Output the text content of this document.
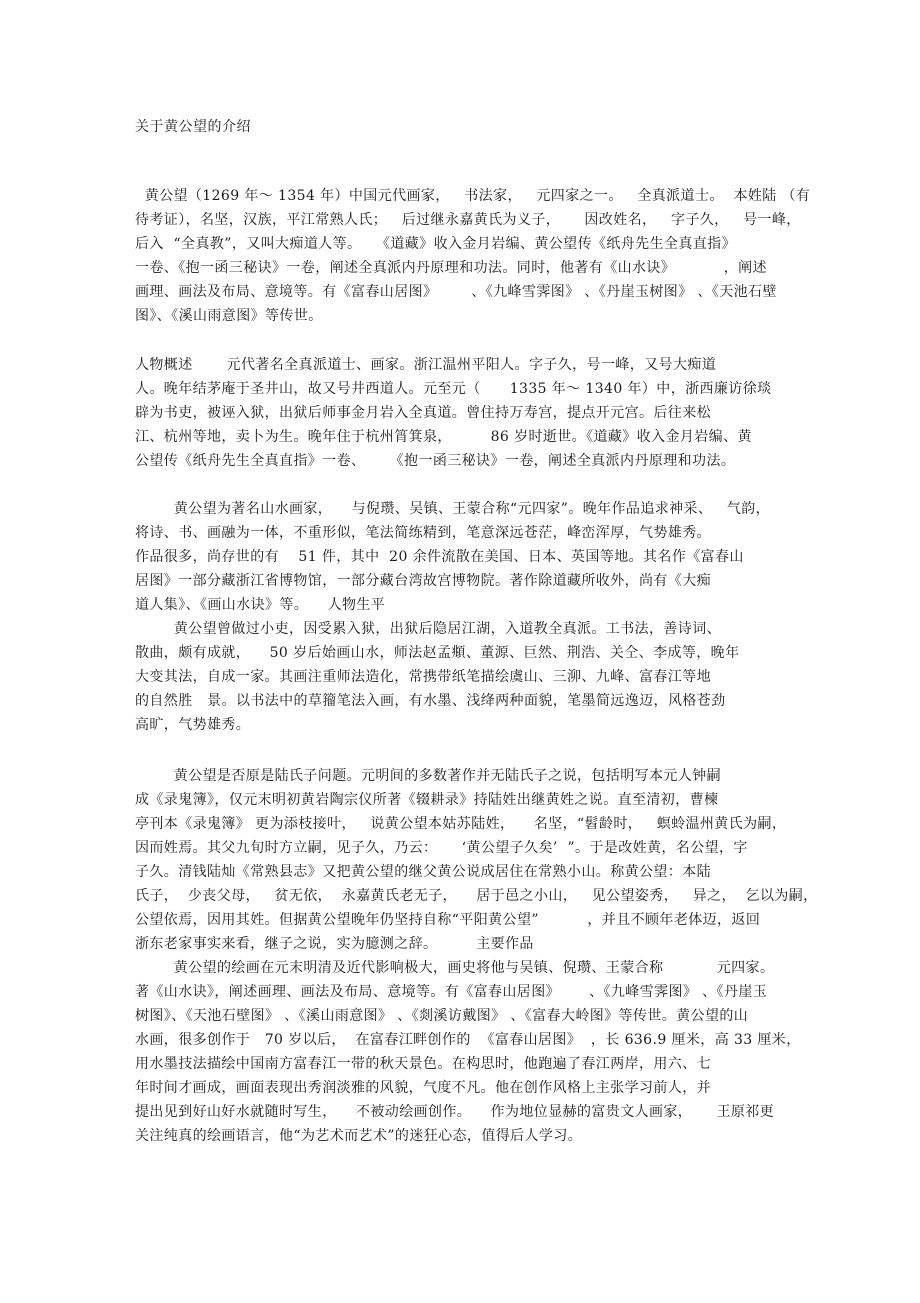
关于黄公望的介绍
黄公望（1269 年～ 1354 年）中国元代画家，   书法家，   元四家之一。   全真派道士。  本姓陆 （有
待考证），名坚，汉族，平江常熟人氏；   后过继永嘉黄氏为义子，     因改姓名，   字子久，   号一峰，
后入  “全真教”，又叫大痴道人等。   《道藏》收入金月岩编、黄公望传《纸舟先生全真直指》
一卷、《抱一函三秘诀》一卷，阐述全真派内丹原理和功法。同时，他著有《山水诀》          ，阐述
画理、画法及布局、意境等。有《富春山居图》       、《九峰雪霁图》 、《丹崖玉树图》 、《天池石壁
图》、《溪山雨意图》等传世。
人物概述       元代著名全真派道士、画家。浙江温州平阳人。字子久，号一峰，又号大痴道
人。晚年结茅庵于圣井山，故又号井西道人。元至元（      1335 年～ 1340 年）中，浙西廉访徐琰
辟为书吏，被诬入狱，出狱后师事金月岩入全真道。曾住持万寿宫，提点开元宫。后往来松
江、杭州等地，卖卜为生。晚年住于杭州筲箕泉，        86 岁时逝世。《道藏》收入金月岩编、黄
公望传《纸舟先生全真直指》一卷、     《抱一函三秘诀》一卷，阐述全真派内丹原理和功法。
黄公望为著名山水画家，    与倪瓒、吴镇、王蒙合称“元四家”。晚年作品追求神采、   气韵，
将诗、书、画融为一体，不重形似，笔法简练精到，笔意深远苍茫，峰峦浑厚，气势雄秀。
作品很多，尚存世的有    51 件，其中  20 余件流散在美国、日本、英国等地。其名作《富春山
居图》一部分藏浙江省博物馆，一部分藏台湾故宫博物院。著作除道藏所收外，尚有《大痴
道人集》、《画山水诀》等。    人物生平
黄公望曾做过小吏，因受累入狱，出狱后隐居江湖，入道教全真派。工书法，善诗词、
散曲，颇有成就，    50 岁后始画山水，师法赵孟頫、董源、巨然、荆浩、关仝、李成等，晚年
大变其法，自成一家。其画注重师法造化，常携带纸笔描绘虞山、三泖、九峰、富春江等地
的自然胜   景。以书法中的草籀笔法入画，有水墨、浅绛两种面貌，笔墨简远逸迈，风格苍劲
高旷，气势雄秀。
黄公望是否原是陆氏子问题。元明间的多数著作并无陆氏子之说，包括明写本元人钟嗣
成《录鬼簿》，仅元末明初黄岩陶宗仪所著《辍耕录》持陆姓出继黄姓之说。直至清初，曹楝
亭刊本《录鬼簿》 更为添枝接叶，   说黄公望本姑苏陆姓，    名坚，“髫龄时，   螟蛉温州黄氏为嗣，
因而姓焉。其父九旬时方立嗣，见子久，乃云：     ‘黄公望子久矣’  ”。于是改姓黄，名公望，字
子久。清钱陆灿《常熟县志》又把黄公望的继父黄公说成居住在常熟小山。称黄公望：本陆
氏子，  少丧父母，   贫无依，  永嘉黄氏老无子，    居于邑之小山，   见公望姿秀，   异之，  乞以为嗣，
公望依焉，因用其姓。但据黄公望晚年仍坚持自称“平阳黄公望”          ，并且不顾年老体迈，返回
浙东老家事实来看，继子之说，实为臆测之辞。        主要作品
黄公望的绘画在元末明清及近代影响极大，画史将他与吴镇、倪瓒、王蒙合称           元四家。
著《山水诀》，阐述画理、画法及布局、意境等。有《富春山居图》      、《九峰雪霁图》 、《丹崖玉
树图》、《天池石壁图》 、《溪山雨意图》 、《剡溪访戴图》 、《富春大岭图》等传世。黄公望的山
水画，很多创作于   70 岁以后，  在富春江畔创作的  《富春山居图》  ，长 636.9 厘米，高 33 厘米，
用水墨技法描绘中国南方富春江一带的秋天景色。在构思时，他跑遍了春江两岸，用六、七
年时间才画成，画面表现出秀润淡雅的风貌，气度不凡。他在创作风格上主张学习前人，并
提出见到好山好水就随时写生，    不被动绘画创作。    作为地位显赫的富贵文人画家，     王原祁更
关注纯真的绘画语言，他“为艺术而艺术”的迷狂心态，值得后人学习。
